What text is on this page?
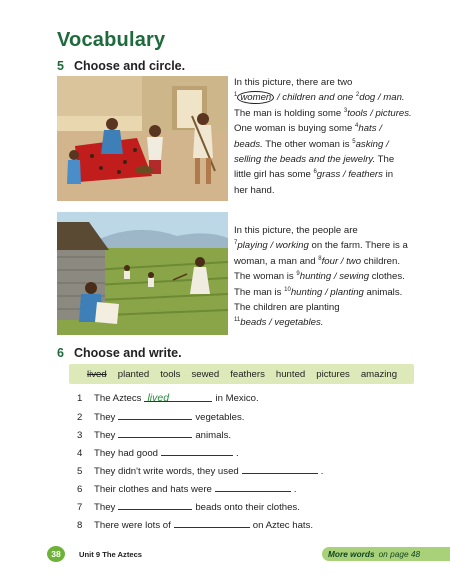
Vocabulary
5 Choose and circle.
In this picture, there are two
$^1$ women / children and one $^2$dog / man.
The man is holding some $^3$tools / pictures.
One woman is buying some $^4$hats /
beads. The other woman is $^5$asking /
selling the beads and the jewelry. The
little girl has some $^6$grass / feathers in
her hand.
In this picture, the people are
$^7$playing / working on the farm. There is a
woman, a man and $^8$four / two children.
The woman is $^9$hunting / sewing clothes.
The man is $^{10}$hunting / planting animals.
The children are planting
$^{11}$beads / vegetables.
6 Choose and write.
lived planted tools sewed feathers hunted pictures amazing
1	The Aztecs lived	in Mexico.
2	They	vegetables.
3	They	animals.
4	They had good	.
5	They didn't write words, they used	.
6	Their clothes and hats were	.
7	They	beads onto their clothes.
8	There were lots of	on Aztec hats.
38	Unit 9 The Aztecs	More words on page 48
